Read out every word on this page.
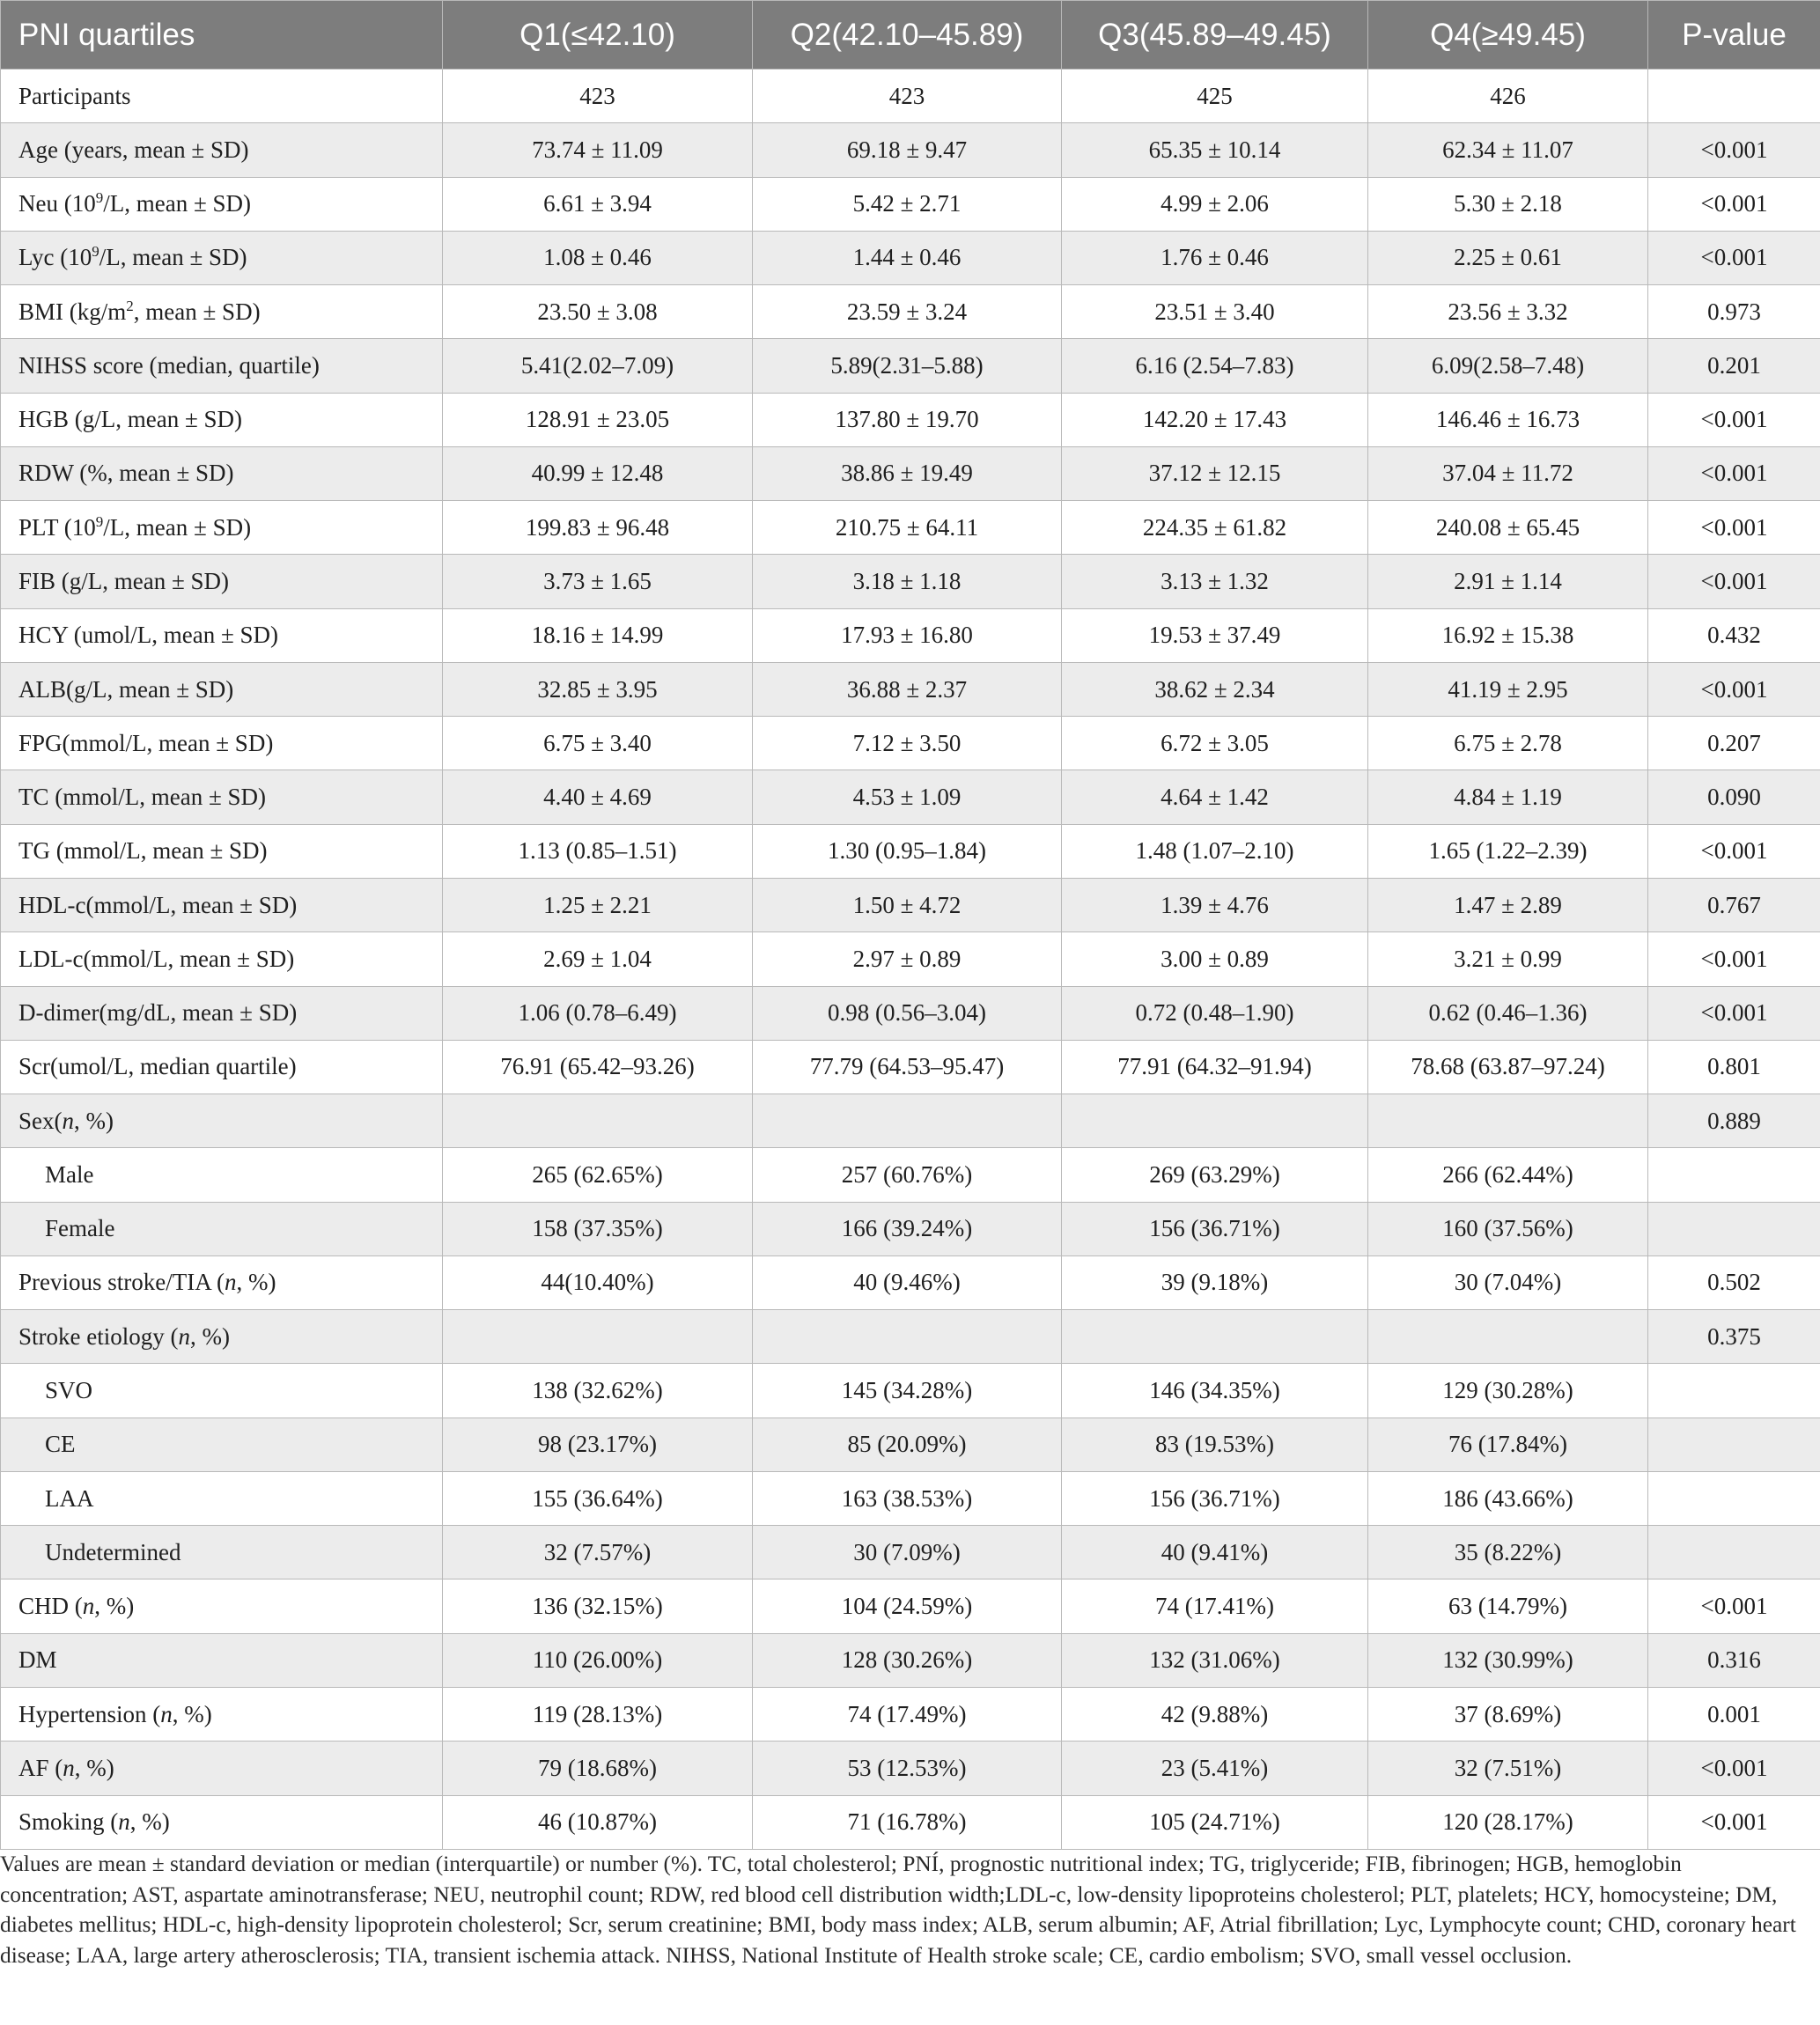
PNI quartiles	Q1(≤42.10)	Q2(42.10–45.89)	Q3(45.89–49.45)	Q4(≥49.45)	P-value
Participants	423	423	425	426	
Age (years, mean ± SD)	73.74 ± 11.09	69.18 ± 9.47	65.35 ± 10.14	62.34 ± 11.07	<0.001
Neu ($10^9/L$, mean ± SD)	6.61 ± 3.94	5.42 ± 2.71	4.99 ± 2.06	5.30 ± 2.18	<0.001
Lyc ($10^9/L$, mean ± SD)	1.08 ± 0.46	1.44 ± 0.46	1.76 ± 0.46	2.25 ± 0.61	<0.001
BMI ($kg/m^2$, mean ± SD)	23.50 ± 3.08	23.59 ± 3.24	23.51 ± 3.40	23.56 ± 3.32	0.973
NIHSS score (median, quartile)	5.41(2.02–7.09)	5.89(2.31–5.88)	6.16 (2.54–7.83)	6.09(2.58–7.48)	0.201
HGB (g/L, mean ± SD)	128.91 ± 23.05	137.80 ± 19.70	142.20 ± 17.43	146.46 ± 16.73	<0.001
RDW (%, mean ± SD)	40.99 ± 12.48	38.86 ± 19.49	37.12 ± 12.15	37.04 ± 11.72	<0.001
PLT ($10^9/L$, mean ± SD)	199.83 ± 96.48	210.75 ± 64.11	224.35 ± 61.82	240.08 ± 65.45	<0.001
FIB (g/L, mean ± SD)	3.73 ± 1.65	3.18 ± 1.18	3.13 ± 1.32	2.91 ± 1.14	<0.001
HCY (umol/L, mean ± SD)	18.16 ± 14.99	17.93 ± 16.80	19.53 ± 37.49	16.92 ± 15.38	0.432
ALB(g/L, mean ± SD)	32.85 ± 3.95	36.88 ± 2.37	38.62 ± 2.34	41.19 ± 2.95	<0.001
FPG(mmol/L, mean ± SD)	6.75 ± 3.40	7.12 ± 3.50	6.72 ± 3.05	6.75 ± 2.78	0.207
TC (mmol/L, mean ± SD)	4.40 ± 4.69	4.53 ± 1.09	4.64 ± 1.42	4.84 ± 1.19	0.090
TG (mmol/L, mean ± SD)	1.13 (0.85–1.51)	1.30 (0.95–1.84)	1.48 (1.07–2.10)	1.65 (1.22–2.39)	<0.001
HDL-c(mmol/L, mean ± SD)	1.25 ± 2.21	1.50 ± 4.72	1.39 ± 4.76	1.47 ± 2.89	0.767
LDL-c(mmol/L, mean ± SD)	2.69 ± 1.04	2.97 ± 0.89	3.00 ± 0.89	3.21 ± 0.99	<0.001
D-dimer(mg/dL, mean ± SD)	1.06 (0.78–6.49)	0.98 (0.56–3.04)	0.72 (0.48–1.90)	0.62 (0.46–1.36)	<0.001
Scr(umol/L, median quartile)	76.91 (65.42–93.26)	77.79 (64.53–95.47)	77.91 (64.32–91.94)	78.68 (63.87–97.24)	0.801
Sex(n, %)					0.889
Male	265 (62.65%)	257 (60.76%)	269 (63.29%)	266 (62.44%)	
Female	158 (37.35%)	166 (39.24%)	156 (36.71%)	160 (37.56%)	
Previous stroke/TIA (n, %)	44(10.40%)	40 (9.46%)	39 (9.18%)	30 (7.04%)	0.502
Stroke etiology (n, %)					0.375
SVO	138 (32.62%)	145 (34.28%)	146 (34.35%)	129 (30.28%)	
CE	98 (23.17%)	85 (20.09%)	83 (19.53%)	76 (17.84%)	
LAA	155 (36.64%)	163 (38.53%)	156 (36.71%)	186 (43.66%)	
Undetermined	32 (7.57%)	30 (7.09%)	40 (9.41%)	35 (8.22%)	
CHD (n, %)	136 (32.15%)	104 (24.59%)	74 (17.41%)	63 (14.79%)	<0.001
DM	110 (26.00%)	128 (30.26%)	132 (31.06%)	132 (30.99%)	0.316
Hypertension (n, %)	119 (28.13%)	74 (17.49%)	42 (9.88%)	37 (8.69%)	0.001
AF (n, %)	79 (18.68%)	53 (12.53%)	23 (5.41%)	32 (7.51%)	<0.001
Smoking (n, %)	46 (10.87%)	71 (16.78%)	105 (24.71%)	120 (28.17%)	<0.001

Values are mean ± standard deviation or median (interquartile) or number (%). TC, total cholesterol; PNÍ, prognostic nutritional index; TG, triglyceride; FIB, fibrinogen; HGB, hemoglobin concentration; AST, aspartate aminotransferase; NEU, neutrophil count; RDW, red blood cell distribution width;LDL-c, low-density lipoproteins cholesterol; PLT, platelets; HCY, homocysteine; DM, diabetes mellitus; HDL-c, high-density lipoprotein cholesterol; Scr, serum creatinine; BMI, body mass index; ALB, serum albumin; AF, Atrial fibrillation; Lyc, Lymphocyte count; CHD, coronary heart disease; LAA, large artery atherosclerosis; TIA, transient ischemia attack. NIHSS, National Institute of Health stroke scale; CE, cardio embolism; SVO, small vessel occlusion.
